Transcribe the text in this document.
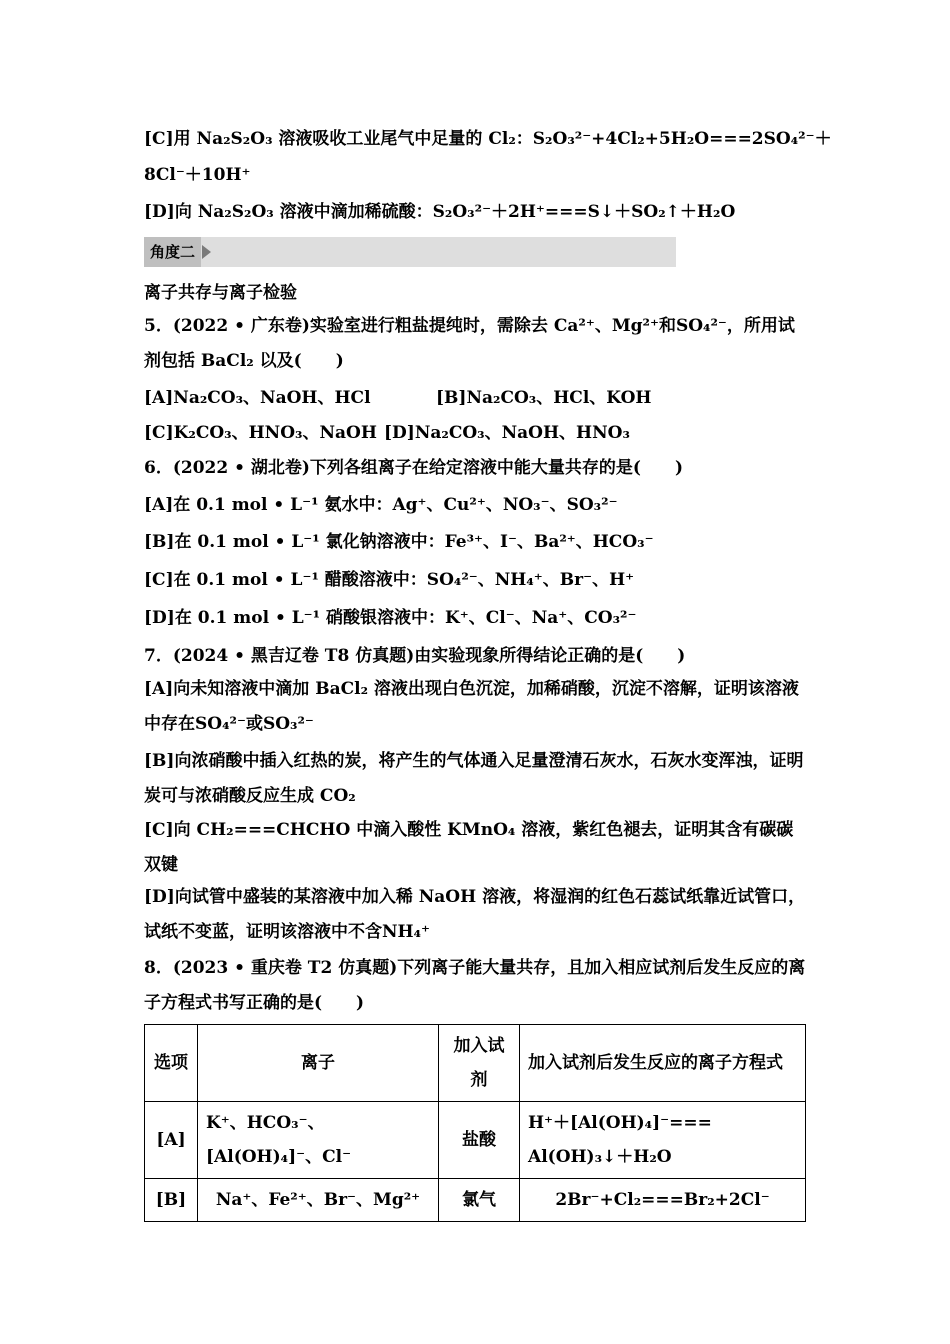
[C]用 Na₂S₂O₃ 溶液吸收工业尾气中足量的 Cl₂：S₂O₃²⁻+4Cl₂+5H₂O===2SO₄²⁻＋
8Cl⁻＋10H⁺
[D]向 Na₂S₂O₃ 溶液中滴加稀硫酸：S₂O₃²⁻＋2H⁺===S↓＋SO₂↑＋H₂O
角度二
离子共存与离子检验
5．(2022 • 广东卷)实验室进行粗盐提纯时，需除去 Ca²⁺、Mg²⁺和SO₄²⁻，所用试剂包括 BaCl₂ 以及(　　)
[A]Na₂CO₃、NaOH、HCl	[B]Na₂CO₃、HCl、KOH
[C]K₂CO₃、HNO₃、NaOH [D]Na₂CO₃、NaOH、HNO₃
6．(2022 • 湖北卷)下列各组离子在给定溶液中能大量共存的是(　　)
[A]在 0.1 mol • L⁻¹ 氨水中：Ag⁺、Cu²⁺、NO₃⁻、SO₃²⁻
[B]在 0.1 mol • L⁻¹ 氯化钠溶液中：Fe³⁺、I⁻、Ba²⁺、HCO₃⁻
[C]在 0.1 mol • L⁻¹ 醋酸溶液中：SO₄²⁻、NH₄⁺、Br⁻、H⁺
[D]在 0.1 mol • L⁻¹ 硝酸银溶液中：K⁺、Cl⁻、Na⁺、CO₃²⁻
7．(2024 • 黑吉辽卷 T8 仿真题)由实验现象所得结论正确的是(　　)
[A]向未知溶液中滴加 BaCl₂ 溶液出现白色沉淀，加稀硝酸，沉淀不溶解，证明该溶液中存在SO₄²⁻或SO₃²⁻
[B]向浓硝酸中插入红热的炭，将产生的气体通入足量澄清石灰水，石灰水变浑浊，证明炭可与浓硝酸反应生成 CO₂
[C]向 CH₂===CHCHO 中滴入酸性 KMnO₄ 溶液，紫红色褪去，证明其含有碳碳双键
[D]向试管中盛装的某溶液中加入稀 NaOH 溶液，将湿润的红色石蕊试纸靠近试管口，试纸不变蓝，证明该溶液中不含NH₄⁺
8．(2023 • 重庆卷 T2 仿真题)下列离子能大量共存，且加入相应试剂后发生反应的离子方程式书写正确的是(　　)
选项	离子	加入试剂	加入试剂后发生反应的离子方程式
[A]	K⁺、HCO₃⁻、[Al(OH)₄]⁻、Cl⁻	盐酸	H⁺＋[Al(OH)₄]⁻=== Al(OH)₃↓＋H₂O
[B]	Na⁺、Fe²⁺、Br⁻、Mg²⁺	氯气	2Br⁻+Cl₂===Br₂+2Cl⁻
